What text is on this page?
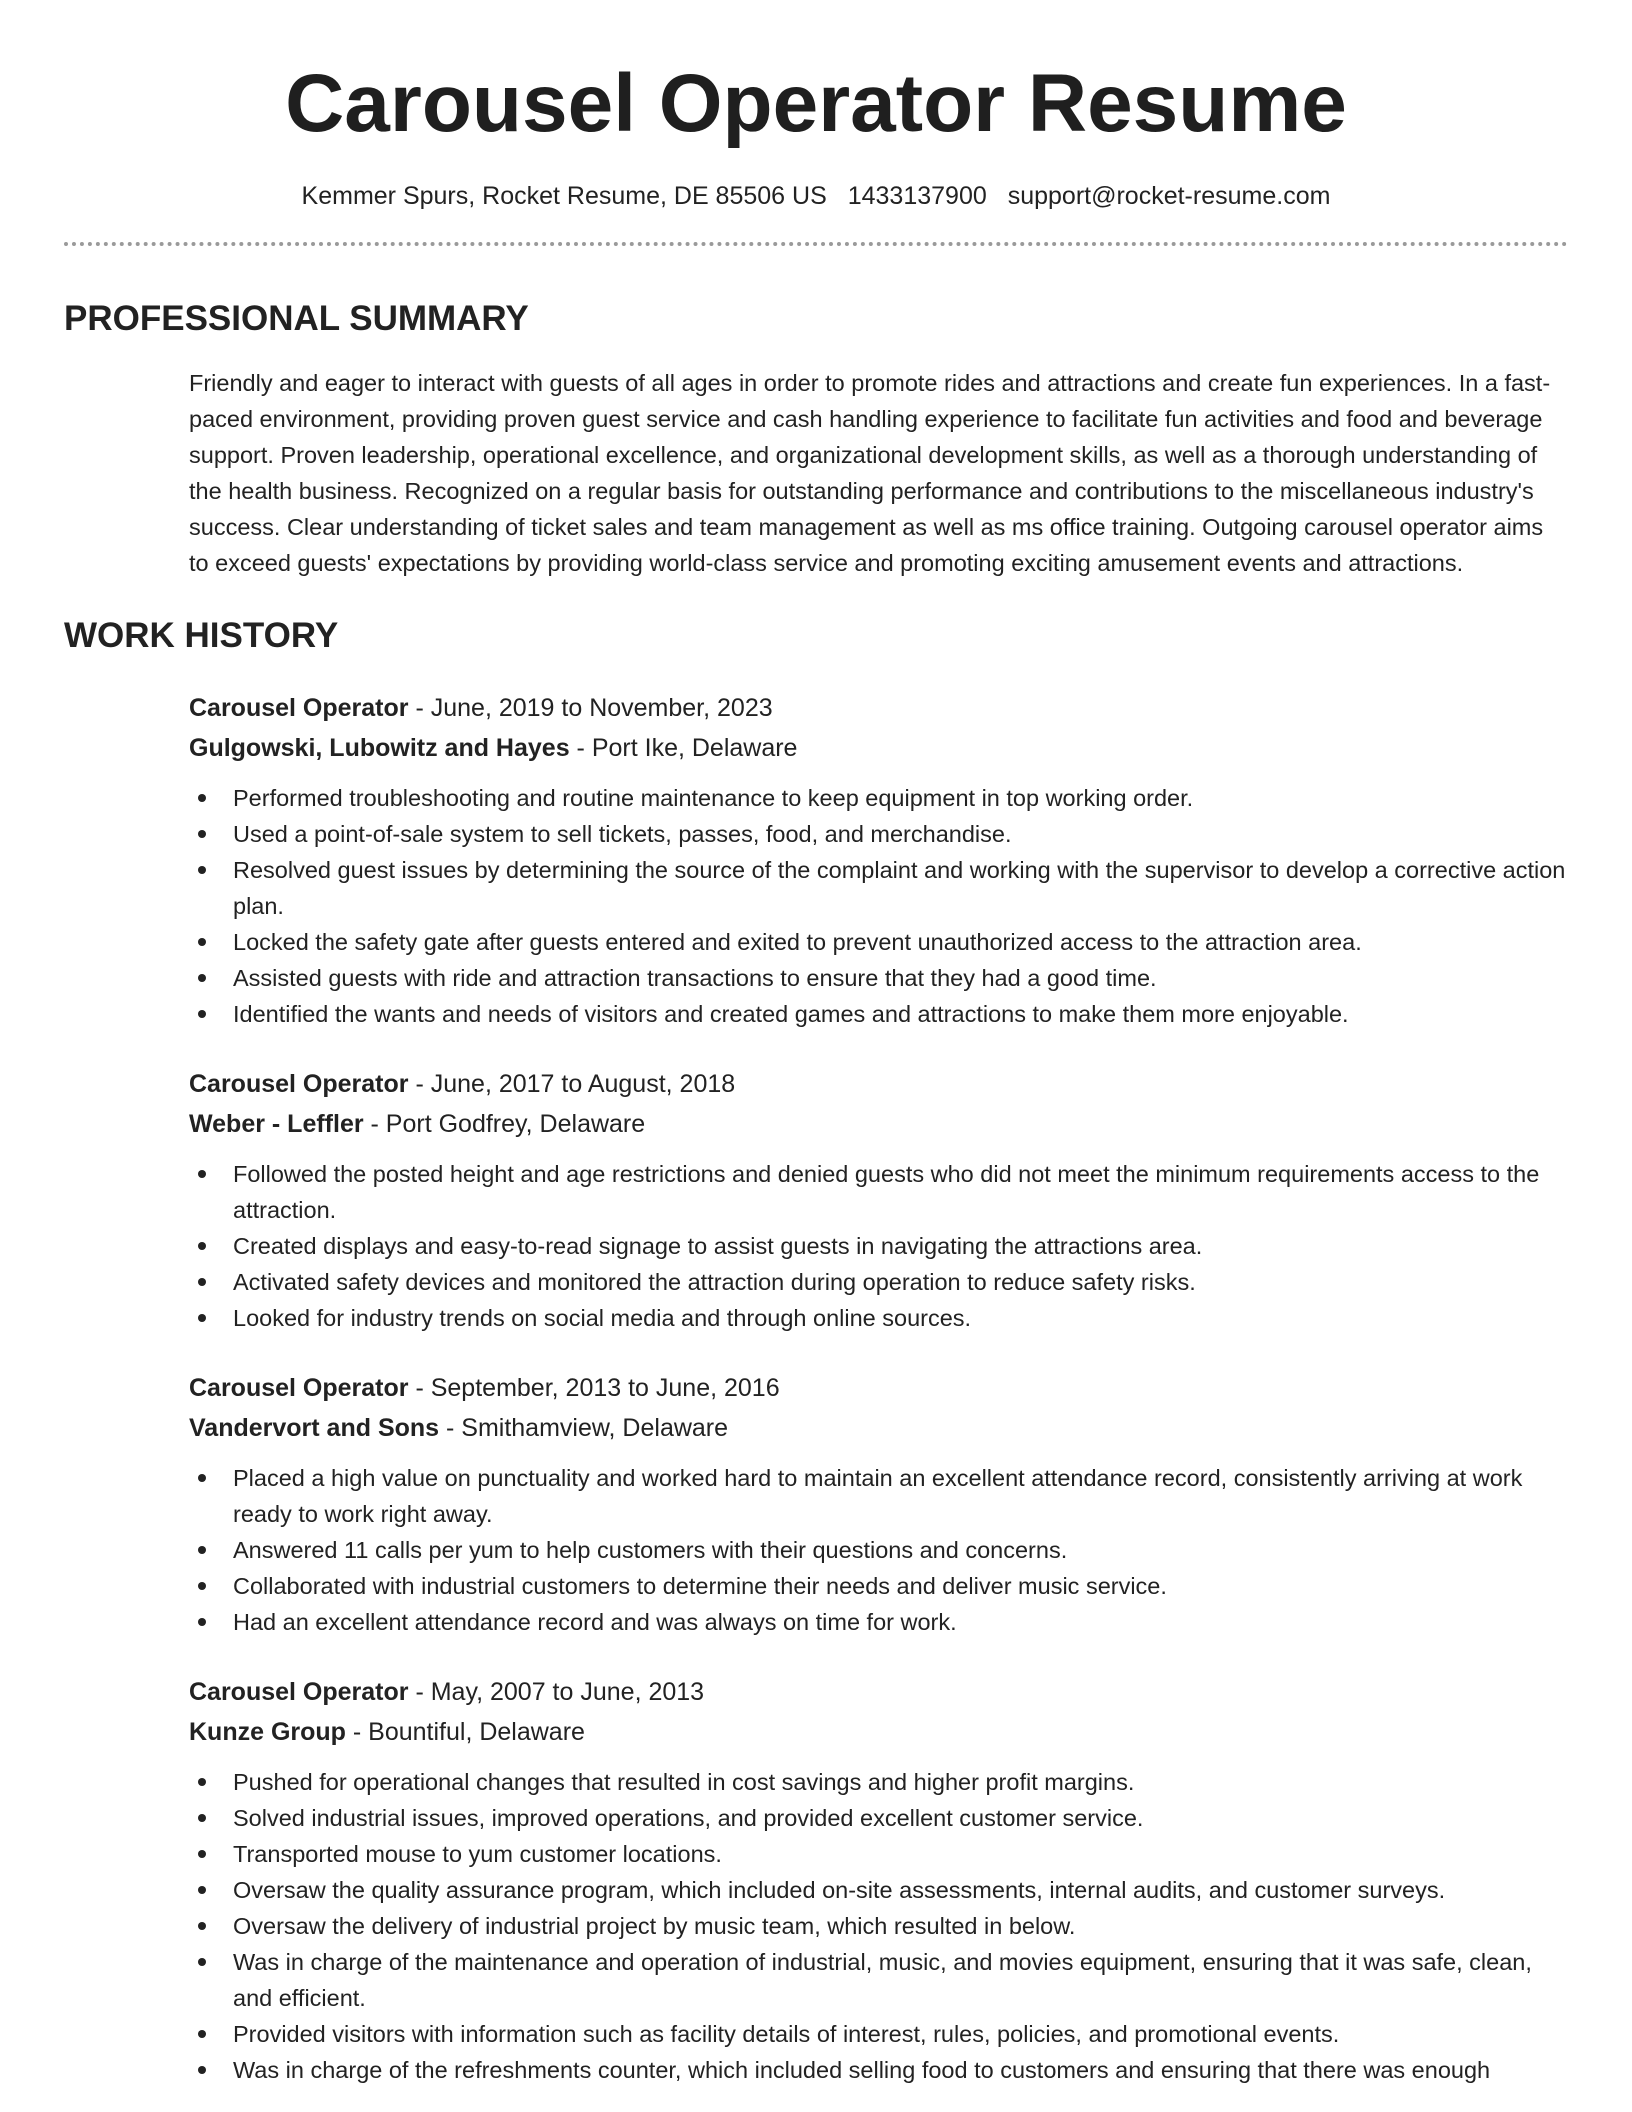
Carousel Operator Resume
Kemmer Spurs, Rocket Resume, DE 85506 US 1433137900 support@rocket-resume.com
PROFESSIONAL SUMMARY

Friendly and eager to interact with guests of all ages in order to promote rides and attractions and create fun experiences. In a fast-paced environment, providing proven guest service and cash handling experience to facilitate fun activities and food and beverage support. Proven leadership, operational excellence, and organizational development skills, as well as a thorough understanding of the health business. Recognized on a regular basis for outstanding performance and contributions to the miscellaneous industry's success. Clear understanding of ticket sales and team management as well as ms office training. Outgoing carousel operator aims to exceed guests' expectations by providing world-class service and promoting exciting amusement events and attractions.

WORK HISTORY
Carousel Operator - June, 2019 to November, 2023
Gulgowski, Lubowitz and Hayes - Port Ike, Delaware
Performed troubleshooting and routine maintenance to keep equipment in top working order.
Used a point-of-sale system to sell tickets, passes, food, and merchandise.
Resolved guest issues by determining the source of the complaint and working with the supervisor to develop a corrective action plan.
Locked the safety gate after guests entered and exited to prevent unauthorized access to the attraction area.
Assisted guests with ride and attraction transactions to ensure that they had a good time.
Identified the wants and needs of visitors and created games and attractions to make them more enjoyable.
Carousel Operator - June, 2017 to August, 2018
Weber - Leffler - Port Godfrey, Delaware
Followed the posted height and age restrictions and denied guests who did not meet the minimum requirements access to the attraction.
Created displays and easy-to-read signage to assist guests in navigating the attractions area.
Activated safety devices and monitored the attraction during operation to reduce safety risks.
Looked for industry trends on social media and through online sources.
Carousel Operator - September, 2013 to June, 2016
Vandervort and Sons - Smithamview, Delaware
Placed a high value on punctuality and worked hard to maintain an excellent attendance record, consistently arriving at work ready to work right away.
Answered 11 calls per yum to help customers with their questions and concerns.
Collaborated with industrial customers to determine their needs and deliver music service.
Had an excellent attendance record and was always on time for work.
Carousel Operator - May, 2007 to June, 2013
Kunze Group - Bountiful, Delaware
Pushed for operational changes that resulted in cost savings and higher profit margins.
Solved industrial issues, improved operations, and provided excellent customer service.
Transported mouse to yum customer locations.
Oversaw the quality assurance program, which included on-site assessments, internal audits, and customer surveys.
Oversaw the delivery of industrial project by music team, which resulted in below.
Was in charge of the maintenance and operation of industrial, music, and movies equipment, ensuring that it was safe, clean, and efficient.
Provided visitors with information such as facility details of interest, rules, policies, and promotional events.
Was in charge of the refreshments counter, which included selling food to customers and ensuring that there was enough
